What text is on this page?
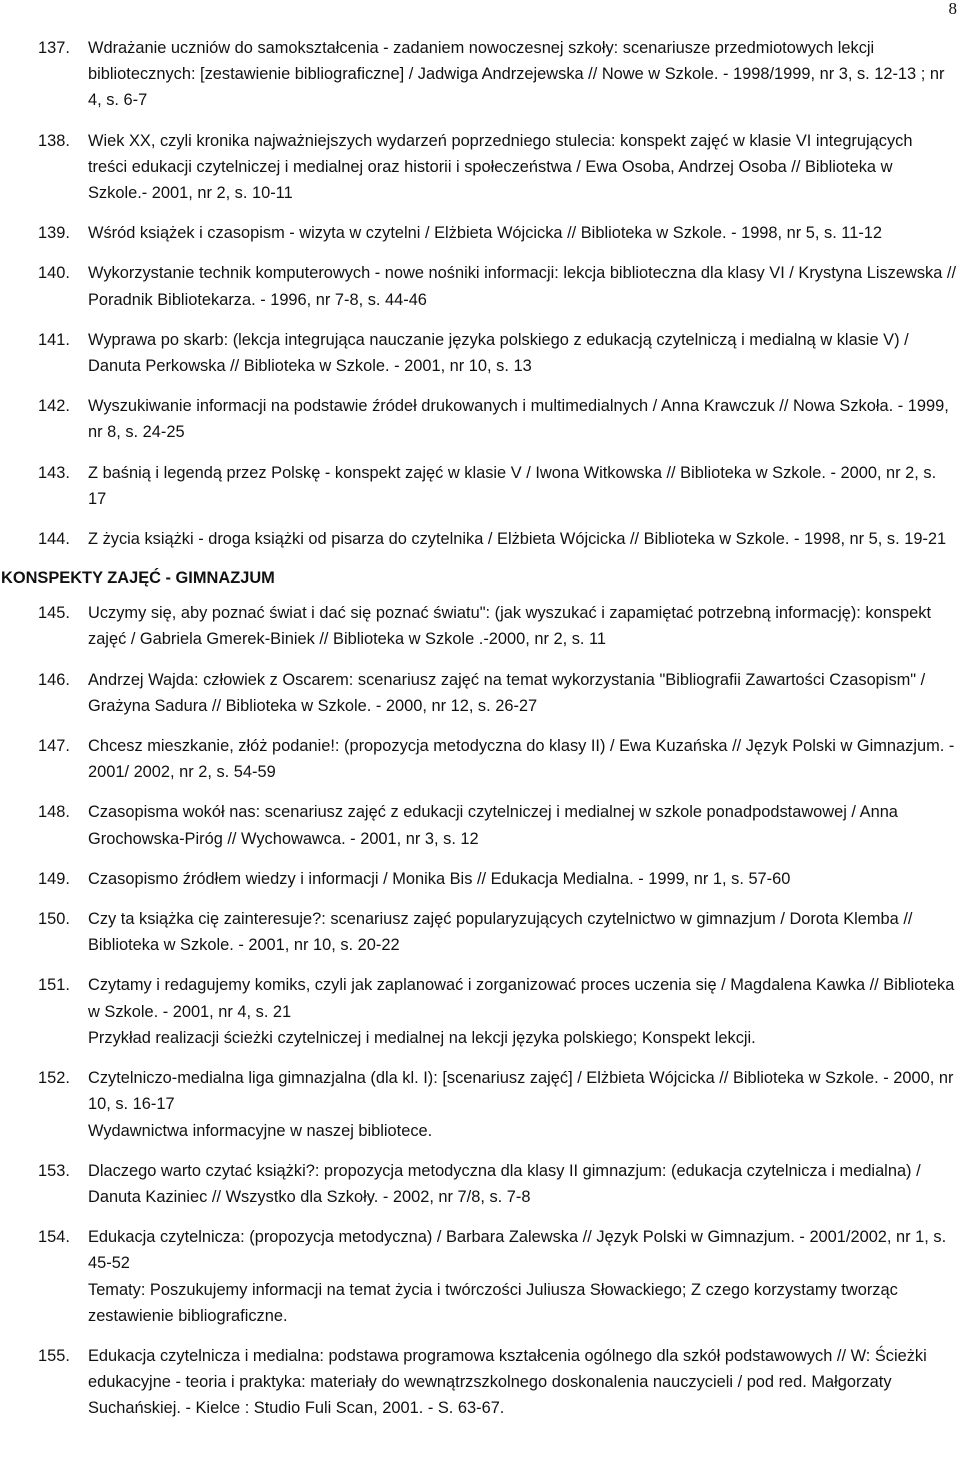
8
137.	Wdrażanie uczniów do samokształcenia - zadaniem nowoczesnej szkoły: scenariusze przedmiotowych lekcji bibliotecznych: [zestawienie bibliograficzne] / Jadwiga Andrzejewska // Nowe w Szkole. - 1998/1999, nr 3, s. 12-13 ; nr 4, s. 6-7

138.	Wiek XX, czyli kronika najważniejszych wydarzeń poprzedniego stulecia: konspekt zajęć w klasie VI integrujących treści edukacji czytelniczej i medialnej oraz historii i społeczeństwa / Ewa Osoba, Andrzej Osoba // Biblioteka w Szkole.- 2001, nr 2, s. 10-11

139.	Wśród książek i czasopism - wizyta w czytelni / Elżbieta Wójcicka // Biblioteka w Szkole. - 1998, nr 5, s. 11-12

140.	Wykorzystanie technik komputerowych - nowe nośniki informacji: lekcja biblioteczna dla klasy VI / Krystyna Liszewska // Poradnik Bibliotekarza. - 1996, nr 7-8, s. 44-46

141.	Wyprawa po skarb: (lekcja integrująca nauczanie języka polskiego z edukacją czytelniczą i medialną w klasie V) / Danuta Perkowska // Biblioteka w Szkole. - 2001, nr 10, s. 13

142.	Wyszukiwanie informacji na podstawie źródeł drukowanych i multimedialnych / Anna Krawczuk // Nowa Szkoła. - 1999, nr 8, s. 24-25

143.	Z baśnią i legendą przez Polskę - konspekt zajęć w klasie V / Iwona Witkowska // Biblioteka w Szkole. - 2000, nr 2, s. 17

144.	Z życia książki - droga książki od pisarza do czytelnika / Elżbieta Wójcicka // Biblioteka w Szkole. - 1998, nr 5, s. 19-21

KONSPEKTY ZAJĘĆ - GIMNAZJUM
145.	Uczymy się, aby poznać świat i dać się poznać światu": (jak wyszukać i zapamiętać potrzebną informację): konspekt zajęć / Gabriela Gmerek-Biniek // Biblioteka w Szkole .-2000, nr 2, s. 11

146.	Andrzej Wajda: człowiek z Oscarem: scenariusz zajęć na temat wykorzystania "Bibliografii Zawartości Czasopism" / Grażyna Sadura // Biblioteka w Szkole. - 2000, nr 12, s. 26-27

147.	Chcesz mieszkanie, złóż podanie!: (propozycja metodyczna do klasy II) / Ewa Kuzańska // Język Polski w Gimnazjum. - 2001/ 2002, nr 2, s. 54-59

148.	Czasopisma wokół nas: scenariusz zajęć z edukacji czytelniczej i medialnej w szkole ponadpodstawowej / Anna Grochowska-Piróg // Wychowawca. - 2001, nr 3, s. 12

149.	Czasopismo źródłem wiedzy i informacji / Monika Bis // Edukacja Medialna. - 1999, nr 1, s. 57-60

150.	Czy ta książka cię zainteresuje?: scenariusz zajęć popularyzujących czytelnictwo w gimnazjum / Dorota Klemba // Biblioteka w Szkole. - 2001, nr 10, s. 20-22

151.	Czytamy i redagujemy komiks, czyli jak zaplanować i zorganizować proces uczenia się / Magdalena Kawka // Biblioteka w Szkole. - 2001, nr 4, s. 21

Przykład realizacji ścieżki czytelniczej i medialnej na lekcji języka polskiego; Konspekt lekcji.

152.	Czytelniczo-medialna liga gimnazjalna (dla kl. I): [scenariusz zajęć] / Elżbieta Wójcicka // Biblioteka w Szkole. - 2000, nr 10, s. 16-17

Wydawnictwa informacyjne w naszej bibliotece.

153.	Dlaczego warto czytać książki?: propozycja metodyczna dla klasy II gimnazjum: (edukacja czytelnicza i medialna) / Danuta Kaziniec // Wszystko dla Szkoły. - 2002, nr 7/8, s. 7-8

154.	Edukacja czytelnicza: (propozycja metodyczna) / Barbara Zalewska // Język Polski w Gimnazjum. - 2001/2002, nr 1, s. 45-52

Tematy: Poszukujemy informacji na temat życia i twórczości Juliusza Słowackiego; Z czego korzystamy tworząc zestawienie bibliograficzne.

155.	Edukacja czytelnicza i medialna: podstawa programowa kształcenia ogólnego dla szkół podstawowych // W: Ścieżki edukacyjne - teoria i praktyka: materiały do wewnątrzszkolnego doskonalenia nauczycieli / pod red. Małgorzaty Suchańskiej. - Kielce : Studio Fuli Scan, 2001. - S. 63-67.
